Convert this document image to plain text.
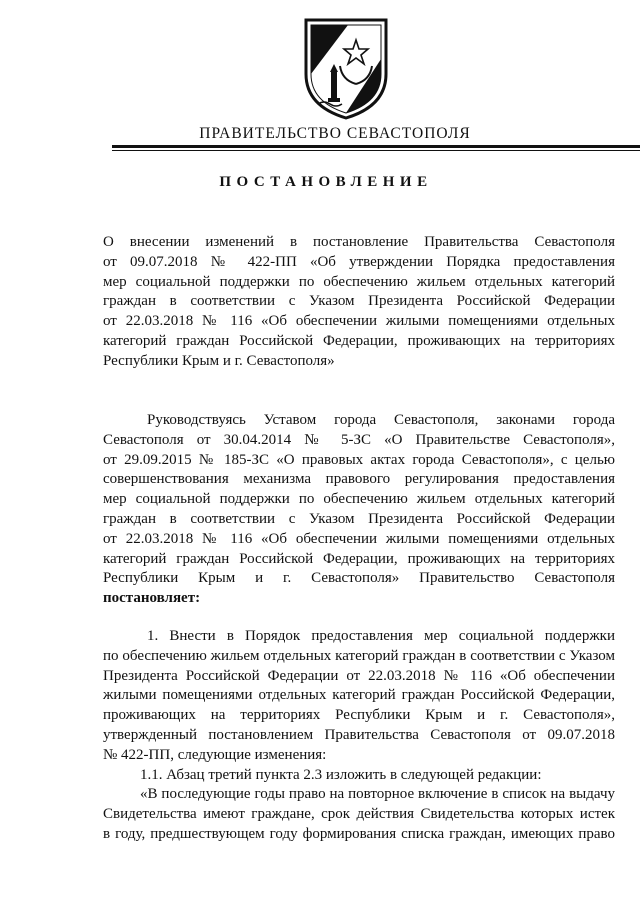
ПРАВИТЕЛЬСТВО СЕВАСТОПОЛЯ
ПОСТАНОВЛЕНИЕ
О внесении изменений в постановление Правительства Севастополя
от 09.07.2018 № 422-ПП «Об утверждении Порядка предоставления
мер социальной поддержки по обеспечению жильем отдельных категорий
граждан в соответствии с Указом Президента Российской Федерации
от 22.03.2018 № 116 «Об обеспечении жилыми помещениями отдельных
категорий граждан Российской Федерации, проживающих на территориях
Республики Крым и г. Севастополя»
Руководствуясь Уставом города Севастополя, законами города
Севастополя от 30.04.2014 № 5-ЗС «О Правительстве Севастополя»,
от 29.09.2015 № 185-ЗС «О правовых актах города Севастополя», с целью
совершенствования механизма правового регулирования предоставления
мер социальной поддержки по обеспечению жильем отдельных категорий
граждан в соответствии с Указом Президента Российской Федерации
от 22.03.2018 № 116 «Об обеспечении жилыми помещениями отдельных
категорий граждан Российской Федерации, проживающих на территориях
Республики Крым и г. Севастополя» Правительство Севастополя
постановляет:
1. Внести в Порядок предоставления мер социальной поддержки
по обеспечению жильем отдельных категорий граждан в соответствии с Указом
Президента Российской Федерации от 22.03.2018 № 116 «Об обеспечении
жилыми помещениями отдельных категорий граждан Российской Федерации,
проживающих на территориях Республики Крым и г. Севастополя»,
утвержденный постановлением Правительства Севастополя от 09.07.2018
№ 422-ПП, следующие изменения:
1.1. Абзац третий пункта 2.3 изложить в следующей редакции:
«В последующие годы право на повторное включение в список на выдачу
Свидетельства имеют граждане, срок действия Свидетельства которых истек
в году, предшествующем году формирования списка граждан, имеющих право
